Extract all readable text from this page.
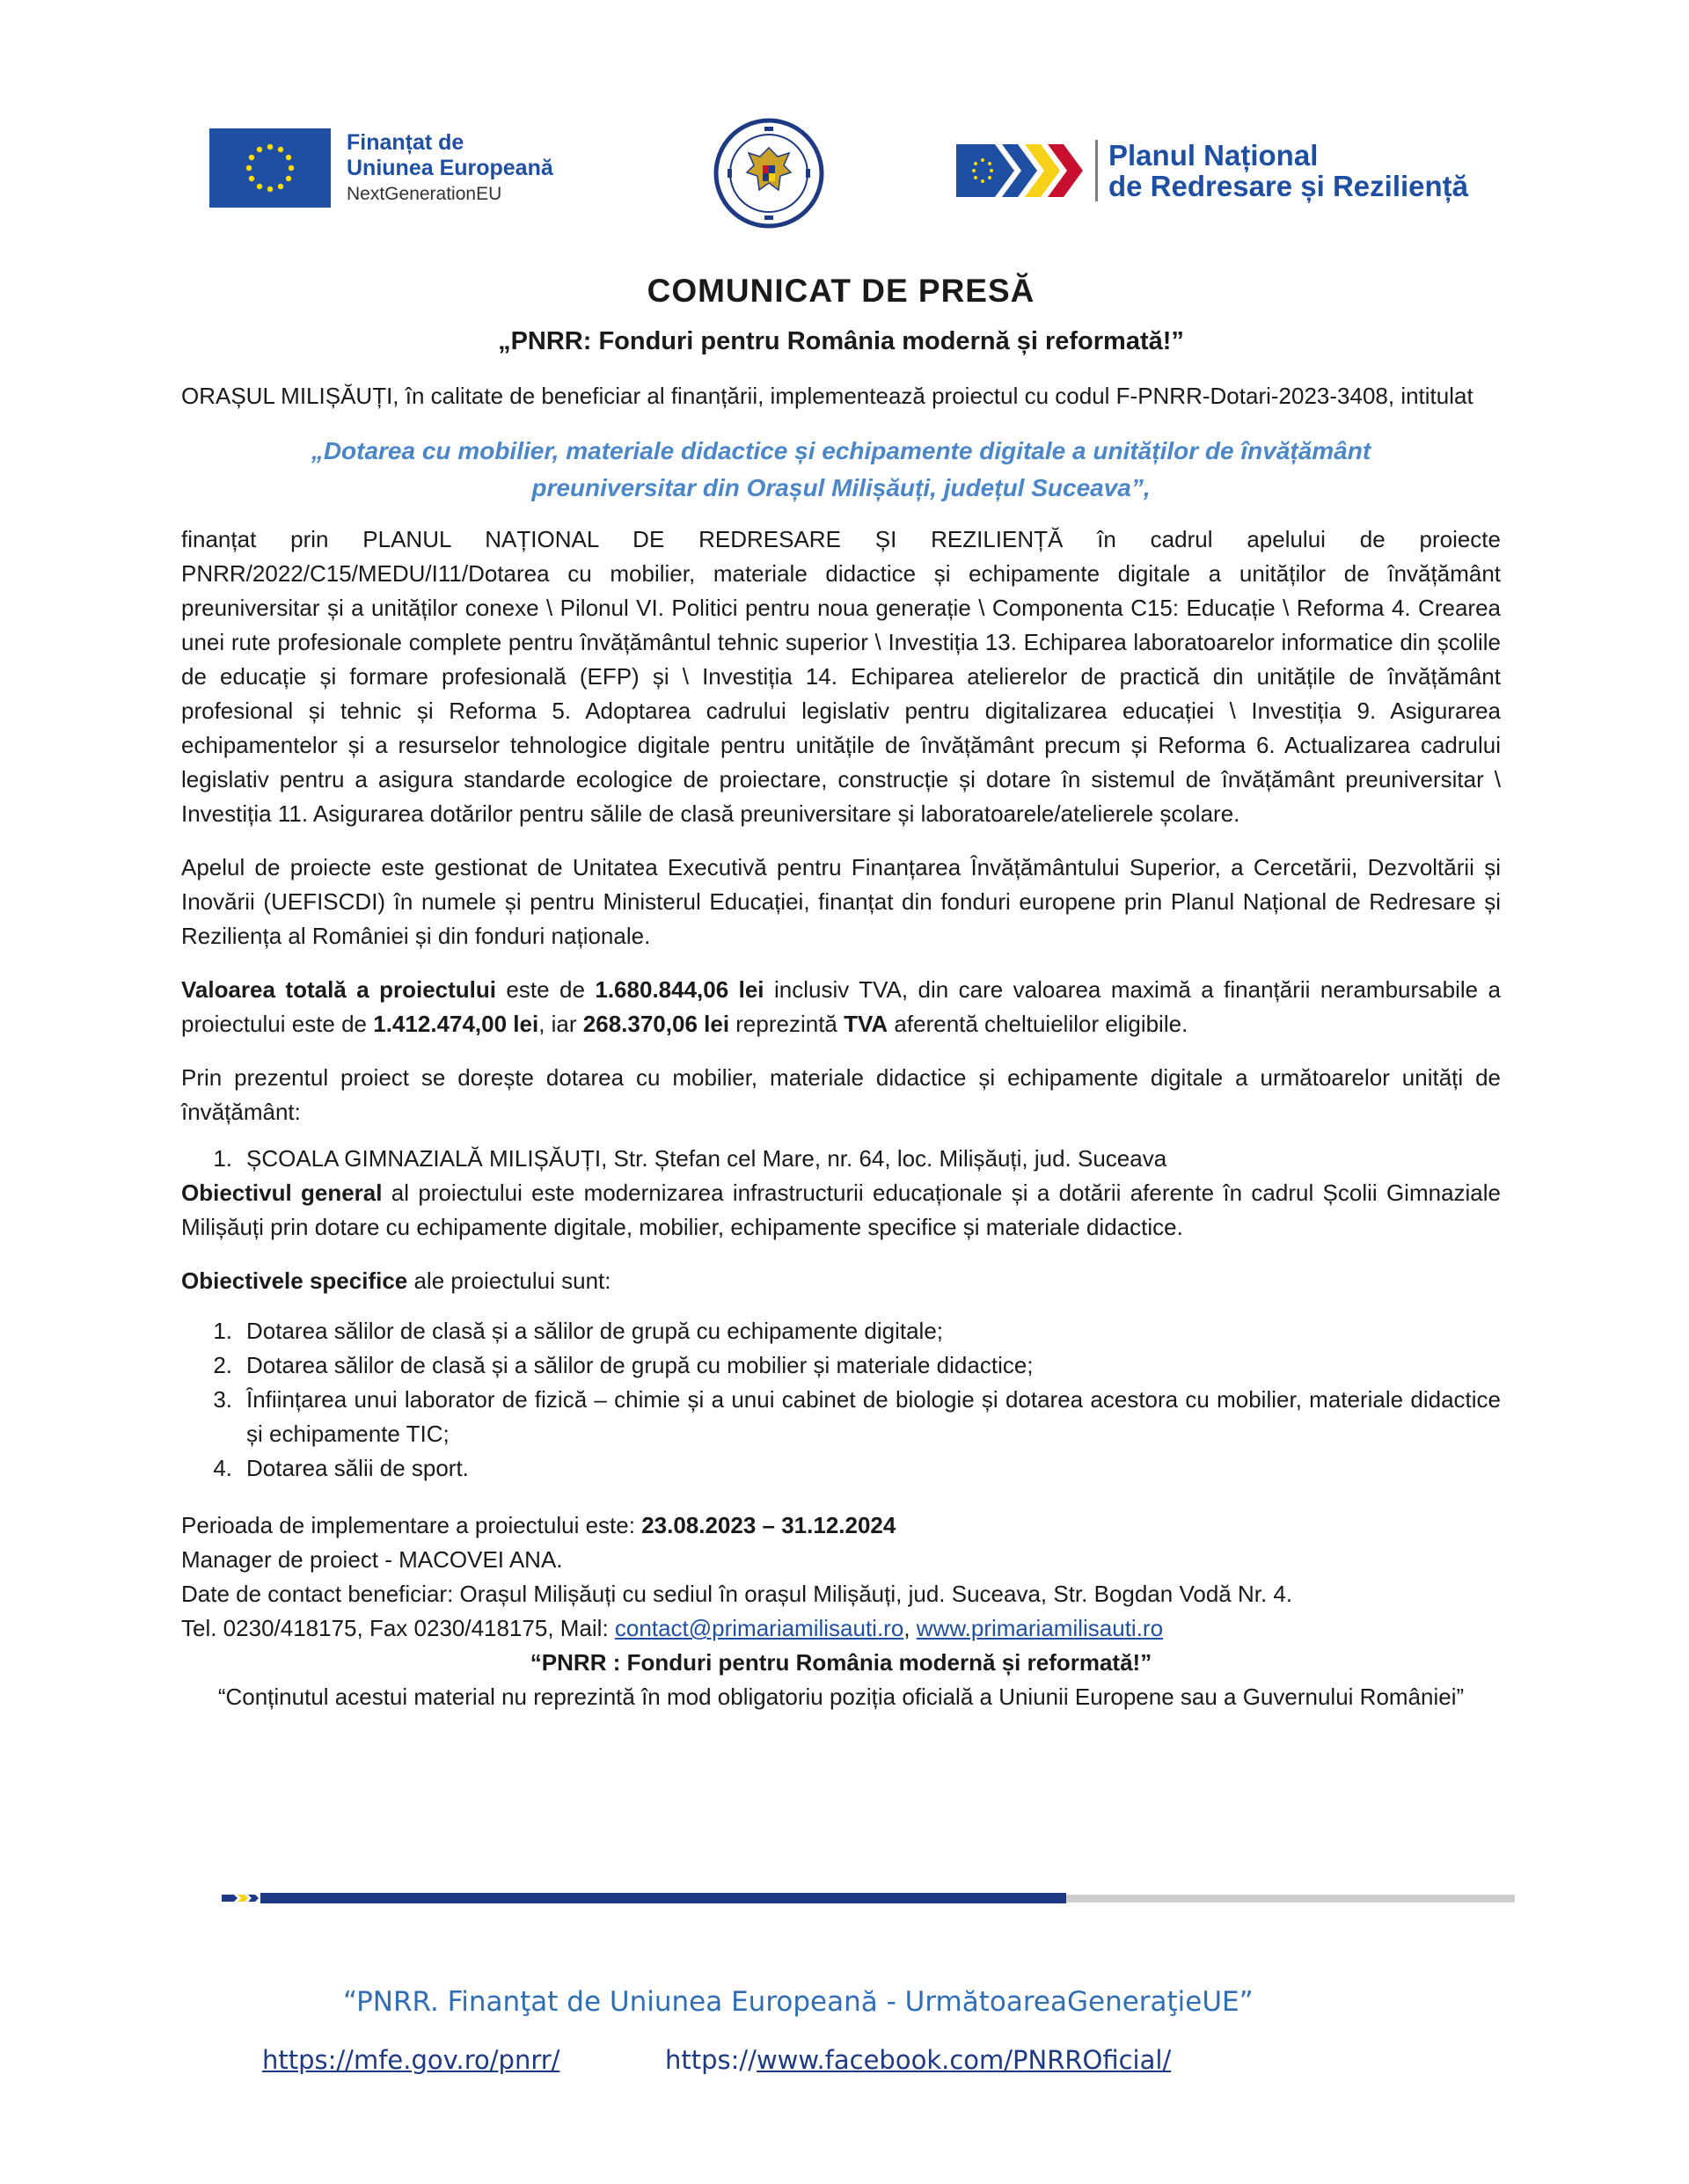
Finanțat de
Uniunea Europeană
NextGenerationEU
Planul Național
de Redresare și Reziliență
COMUNICAT DE PRESĂ
„PNRR: Fonduri pentru România modernă și reformată!”

ORAȘUL MILIȘĂUȚI, în calitate de beneficiar al finanțării, implementează proiectul cu codul F-PNRR-Dotari-2023-3408, intitulat

„Dotarea cu mobilier, materiale didactice și echipamente digitale a unităților de învățământ preuniversitar din Orașul Milișăuți, județul Suceava”,

finanțat prin PLANUL NAȚIONAL DE REDRESARE ȘI REZILIENȚĂ în cadrul apelului de proiecte PNRR/2022/C15/MEDU/I11/Dotarea cu mobilier, materiale didactice și echipamente digitale a unităților de învățământ preuniversitar și a unităților conexe \ Pilonul VI. Politici pentru noua generație \ Componenta C15: Educație \ Reforma 4. Crearea unei rute profesionale complete pentru învățământul tehnic superior \ Investiția 13. Echiparea laboratoarelor informatice din școlile de educație și formare profesională (EFP) și \ Investiția 14. Echiparea atelierelor de practică din unitățile de învățământ profesional și tehnic și Reforma 5. Adoptarea cadrului legislativ pentru digitalizarea educației \ Investiția 9. Asigurarea echipamentelor și a resurselor tehnologice digitale pentru unitățile de învățământ precum și Reforma 6. Actualizarea cadrului legislativ pentru a asigura standarde ecologice de proiectare, construcție și dotare în sistemul de învățământ preuniversitar \ Investiția 11. Asigurarea dotărilor pentru sălile de clasă preuniversitare și laboratoarele/atelierele școlare.

Apelul de proiecte este gestionat de Unitatea Executivă pentru Finanțarea Învățământului Superior, a Cercetării, Dezvoltării și Inovării (UEFISCDI) în numele și pentru Ministerul Educației, finanțat din fonduri europene prin Planul Național de Redresare și Reziliența al României și din fonduri naționale.

Valoarea totală a proiectului este de 1.680.844,06 lei inclusiv TVA, din care valoarea maximă a finanțării nerambursabile a proiectului este de 1.412.474,00 lei, iar 268.370,06 lei reprezintă TVA aferentă cheltuielilor eligibile.

Prin prezentul proiect se dorește dotarea cu mobilier, materiale didactice și echipamente digitale a următoarelor unități de învățământ:

1. ȘCOALA GIMNAZIALĂ MILIȘĂUȚI, Str. Ștefan cel Mare, nr. 64, loc. Milișăuți, jud. Suceava

Obiectivul general al proiectului este modernizarea infrastructurii educaționale și a dotării aferente în cadrul Școlii Gimnaziale Milișăuți prin dotare cu echipamente digitale, mobilier, echipamente specifice și materiale didactice.

Obiectivele specifice ale proiectului sunt:

1. Dotarea sălilor de clasă și a sălilor de grupă cu echipamente digitale;
2. Dotarea sălilor de clasă și a sălilor de grupă cu mobilier și materiale didactice;
3. Înființarea unui laborator de fizică – chimie și a unui cabinet de biologie și dotarea acestora cu mobilier, materiale didactice și echipamente TIC;
4. Dotarea sălii de sport.

Perioada de implementare a proiectului este: 23.08.2023 – 31.12.2024

Manager de proiect - MACOVEI ANA.

Date de contact beneficiar: Orașul Milișăuți cu sediul în orașul Milișăuți, jud. Suceava, Str. Bogdan Vodă Nr. 4.

Tel. 0230/418175, Fax 0230/418175, Mail: contact@primariamilisauti.ro, www.primariamilisauti.ro

“PNRR : Fonduri pentru România modernă și reformată!”

“Conținutul acestui material nu reprezintă în mod obligatoriu poziția oficială a Uniunii Europene sau a Guvernului României”

“PNRR. Finanţat de Uniunea Europeană - UrmătoareaGeneraţieUE”
https://mfe.gov.ro/pnrr/	https://www.facebook.com/PNRROficial/
